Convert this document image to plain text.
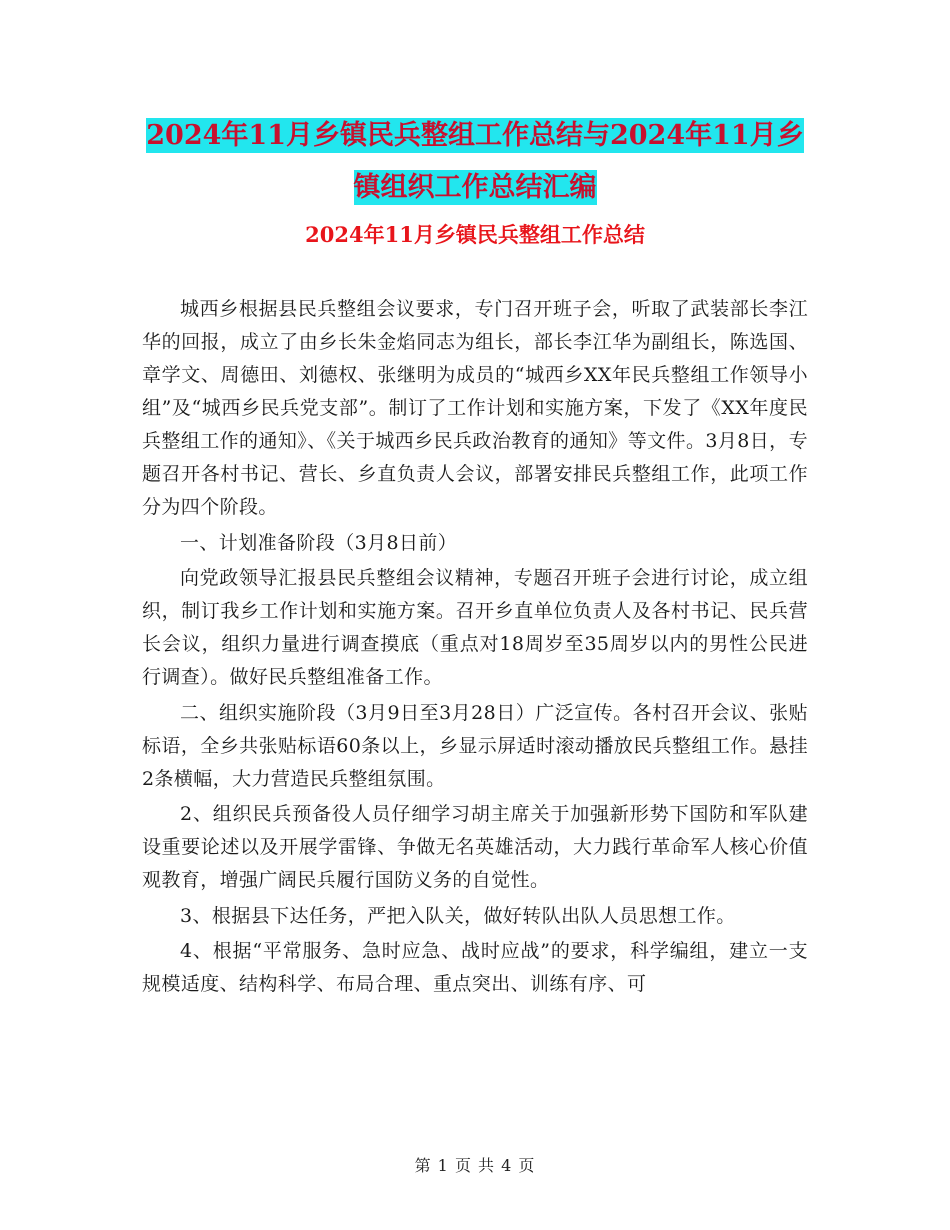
2024年11月乡镇民兵整组工作总结与2024年11月乡
镇组织工作总结汇编
2024年11月乡镇民兵整组工作总结

城西乡根据县民兵整组会议要求，专门召开班子会，听取了武装部长李江华的回报，成立了由乡长朱金焰同志为组长，部长李江华为副组长，陈选国、章学文、周德田、刘德权、张继明为成员的“城西乡XX年民兵整组工作领导小组”及“城西乡民兵党支部”。制订了工作计划和实施方案，下发了《XX年度民兵整组工作的通知》、《关于城西乡民兵政治教育的通知》等文件。3月8日，专题召开各村书记、营长、乡直负责人会议，部署安排民兵整组工作，此项工作分为四个阶段。

一、计划准备阶段（3月8日前）

向党政领导汇报县民兵整组会议精神，专题召开班子会进行讨论，成立组织，制订我乡工作计划和实施方案。召开乡直单位负责人及各村书记、民兵营长会议，组织力量进行调查摸底（重点对18周岁至35周岁以内的男性公民进行调查）。做好民兵整组准备工作。

二、组织实施阶段（3月9日至3月28日）广泛宣传。各村召开会议、张贴标语，全乡共张贴标语60条以上，乡显示屏适时滚动播放民兵整组工作。悬挂2条横幅，大力营造民兵整组氛围。

2、组织民兵预备役人员仔细学习胡主席关于加强新形势下国防和军队建设重要论述以及开展学雷锋、争做无名英雄活动，大力践行革命军人核心价值观教育，增强广阔民兵履行国防义务的自觉性。

3、根据县下达任务，严把入队关，做好转队出队人员思想工作。

4、根据“平常服务、急时应急、战时应战”的要求，科学编组，建立一支规模适度、结构科学、布局合理、重点突出、训练有序、可

第 1 页 共 4 页
